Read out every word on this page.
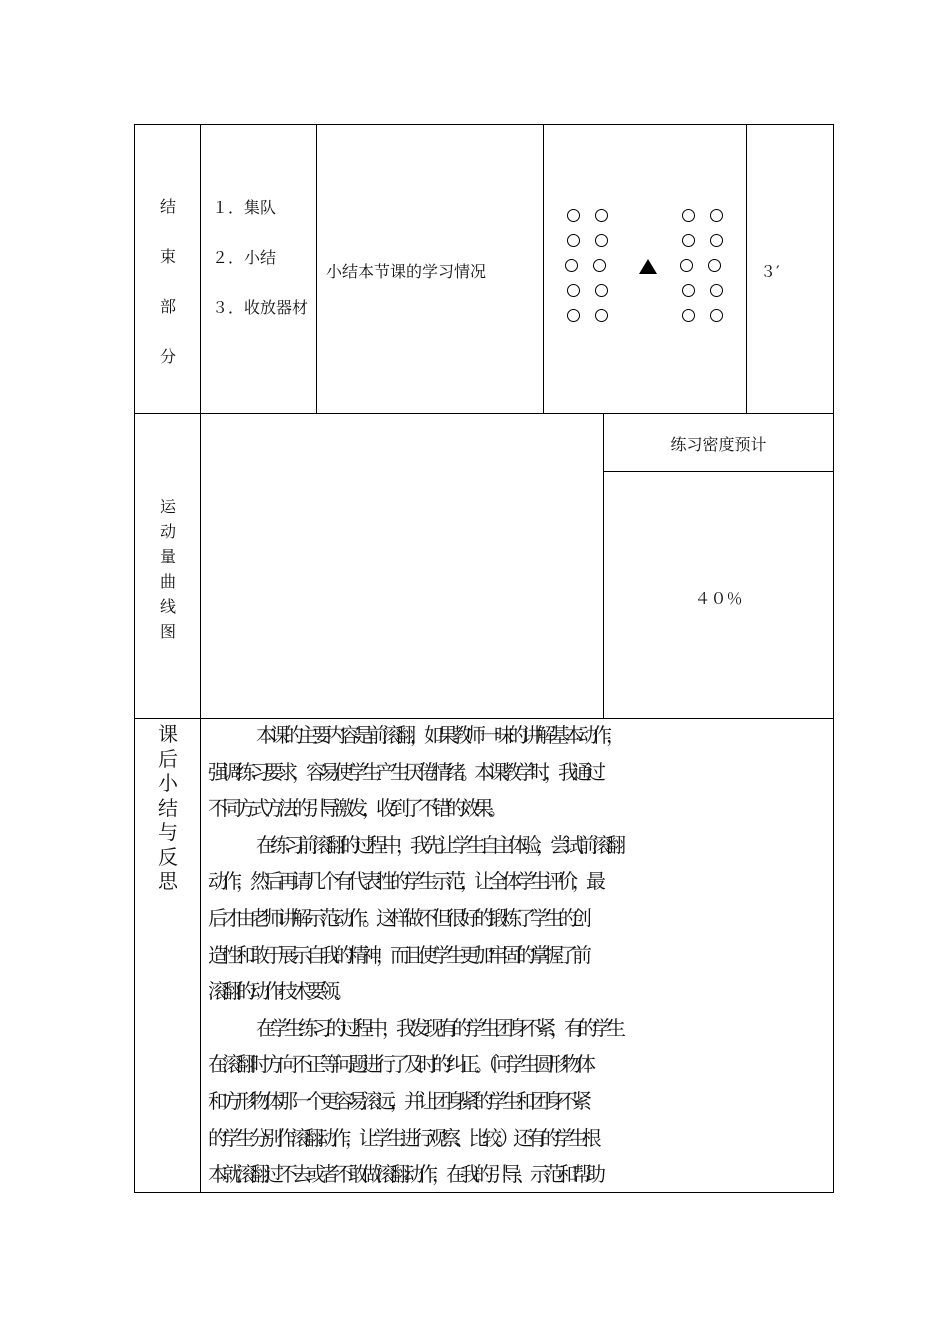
结
束
部
分
１．集队
２．小结
３．收放器材
小结本节课的学习情况	３′
运
动
量
曲
线
图
练习密度预计
４０％
课
后
小
结
与
反
思
本课的主要内容是前滚翻，如果教师一味的讲解基本动作，
强调练习要求，容易使学生产生厌倦情绪。本课教学时，我通过
不同方式方法的引导激发，收到了不错的效果。
在练习前滚翻的过程中，我先让学生自主体验，尝试前滚翻
动作，然后再请几个有代表性的学生示范，让全体学生评价，最
后才由老师讲解示范动作。这样做不但很好的锻炼了学生的创
造性和敢于展示自我的精神，而且使学生更加牢固的掌握了前
滚翻的动作技术要领。
在学生练习的过程中，我发现有的学生团身不紧，有的学生
在滚翻时方向不正等问题进行了及时的纠正。（问学生圆形物体
和方形物体那一个更容易滚远，并让团身紧的学生和团身不紧
的学生分别作滚翻动作，让学生进行观察、比较。）还有的学生根
本就滚翻过不去或者不敢做滚翻动作，在我的引导、示范和帮助
